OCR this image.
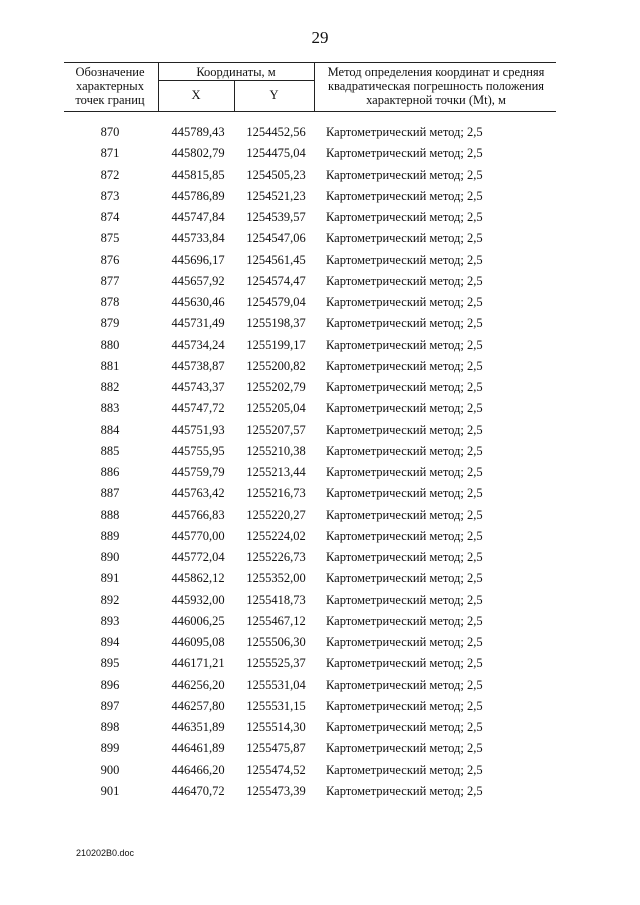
29
Обозначение характерных точек границ
Координаты, м
X	Y
Метод определения координат и средняя квадратическая погрешность положения характерной точки (Mt), м
870	445789,43	1254452,56	Картометрический метод; 2,5
871	445802,79	1254475,04	Картометрический метод; 2,5
872	445815,85	1254505,23	Картометрический метод; 2,5
873	445786,89	1254521,23	Картометрический метод; 2,5
874	445747,84	1254539,57	Картометрический метод; 2,5
875	445733,84	1254547,06	Картометрический метод; 2,5
876	445696,17	1254561,45	Картометрический метод; 2,5
877	445657,92	1254574,47	Картометрический метод; 2,5
878	445630,46	1254579,04	Картометрический метод; 2,5
879	445731,49	1255198,37	Картометрический метод; 2,5
880	445734,24	1255199,17	Картометрический метод; 2,5
881	445738,87	1255200,82	Картометрический метод; 2,5
882	445743,37	1255202,79	Картометрический метод; 2,5
883	445747,72	1255205,04	Картометрический метод; 2,5
884	445751,93	1255207,57	Картометрический метод; 2,5
885	445755,95	1255210,38	Картометрический метод; 2,5
886	445759,79	1255213,44	Картометрический метод; 2,5
887	445763,42	1255216,73	Картометрический метод; 2,5
888	445766,83	1255220,27	Картометрический метод; 2,5
889	445770,00	1255224,02	Картометрический метод; 2,5
890	445772,04	1255226,73	Картометрический метод; 2,5
891	445862,12	1255352,00	Картометрический метод; 2,5
892	445932,00	1255418,73	Картометрический метод; 2,5
893	446006,25	1255467,12	Картометрический метод; 2,5
894	446095,08	1255506,30	Картометрический метод; 2,5
895	446171,21	1255525,37	Картометрический метод; 2,5
896	446256,20	1255531,04	Картометрический метод; 2,5
897	446257,80	1255531,15	Картометрический метод; 2,5
898	446351,89	1255514,30	Картометрический метод; 2,5
899	446461,89	1255475,87	Картометрический метод; 2,5
900	446466,20	1255474,52	Картометрический метод; 2,5
901	446470,72	1255473,39	Картометрический метод; 2,5
210202B0.doc
